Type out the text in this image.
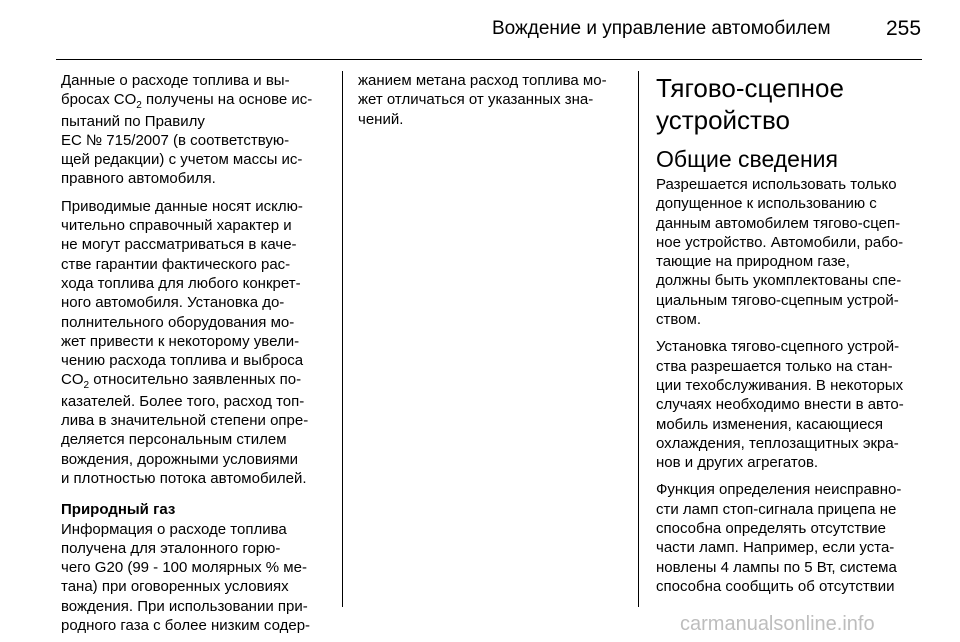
Вождение и управление автомобилем	255
Данные о расходе топлива и вы-
бросах $CO_2$ получены на основе ис-
пытаний по Правилу
ЕС № 715/2007 (в соответствую-
щей редакции) с учетом массы ис-
правного автомобиля.
Приводимые данные носят исклю-
чительно справочный характер и
не могут рассматриваться в каче-
стве гарантии фактического рас-
хода топлива для любого конкрет-
ного автомобиля. Установка до-
полнительного оборудования мо-
жет привести к некоторому увели-
чению расхода топлива и выброса
$CO_2$ относительно заявленных по-
казателей. Более того, расход топ-
лива в значительной степени опре-
деляется персональным стилем
вождения, дорожными условиями
и плотностью потока автомобилей.
Природный газ
Информация о расходе топлива
получена для эталонного горю-
чего G20 (99 - 100 молярных % ме-
тана) при оговоренных условиях
вождения. При использовании при-
родного газа с более низким содер-
жанием метана расход топлива мо-
жет отличаться от указанных зна-
чений.
Тягово-сцепное
устройство
Общие сведения
Разрешается использовать только
допущенное к использованию с
данным автомобилем тягово-сцеп-
ное устройство. Автомобили, рабо-
тающие на природном газе,
должны быть укомплектованы спе-
циальным тягово-сцепным устрой-
ством.
Установка тягово-сцепного устрой-
ства разрешается только на стан-
ции техобслуживания. В некоторых
случаях необходимо внести в авто-
мобиль изменения, касающиеся
охлаждения, теплозащитных экра-
нов и других агрегатов.
Функция определения неисправно-
сти ламп стоп-сигнала прицепа не
способна определять отсутствие
части ламп. Например, если уста-
новлены 4 лампы по 5 Вт, система
способна сообщить об отсутствии
carmanualsonline.info
